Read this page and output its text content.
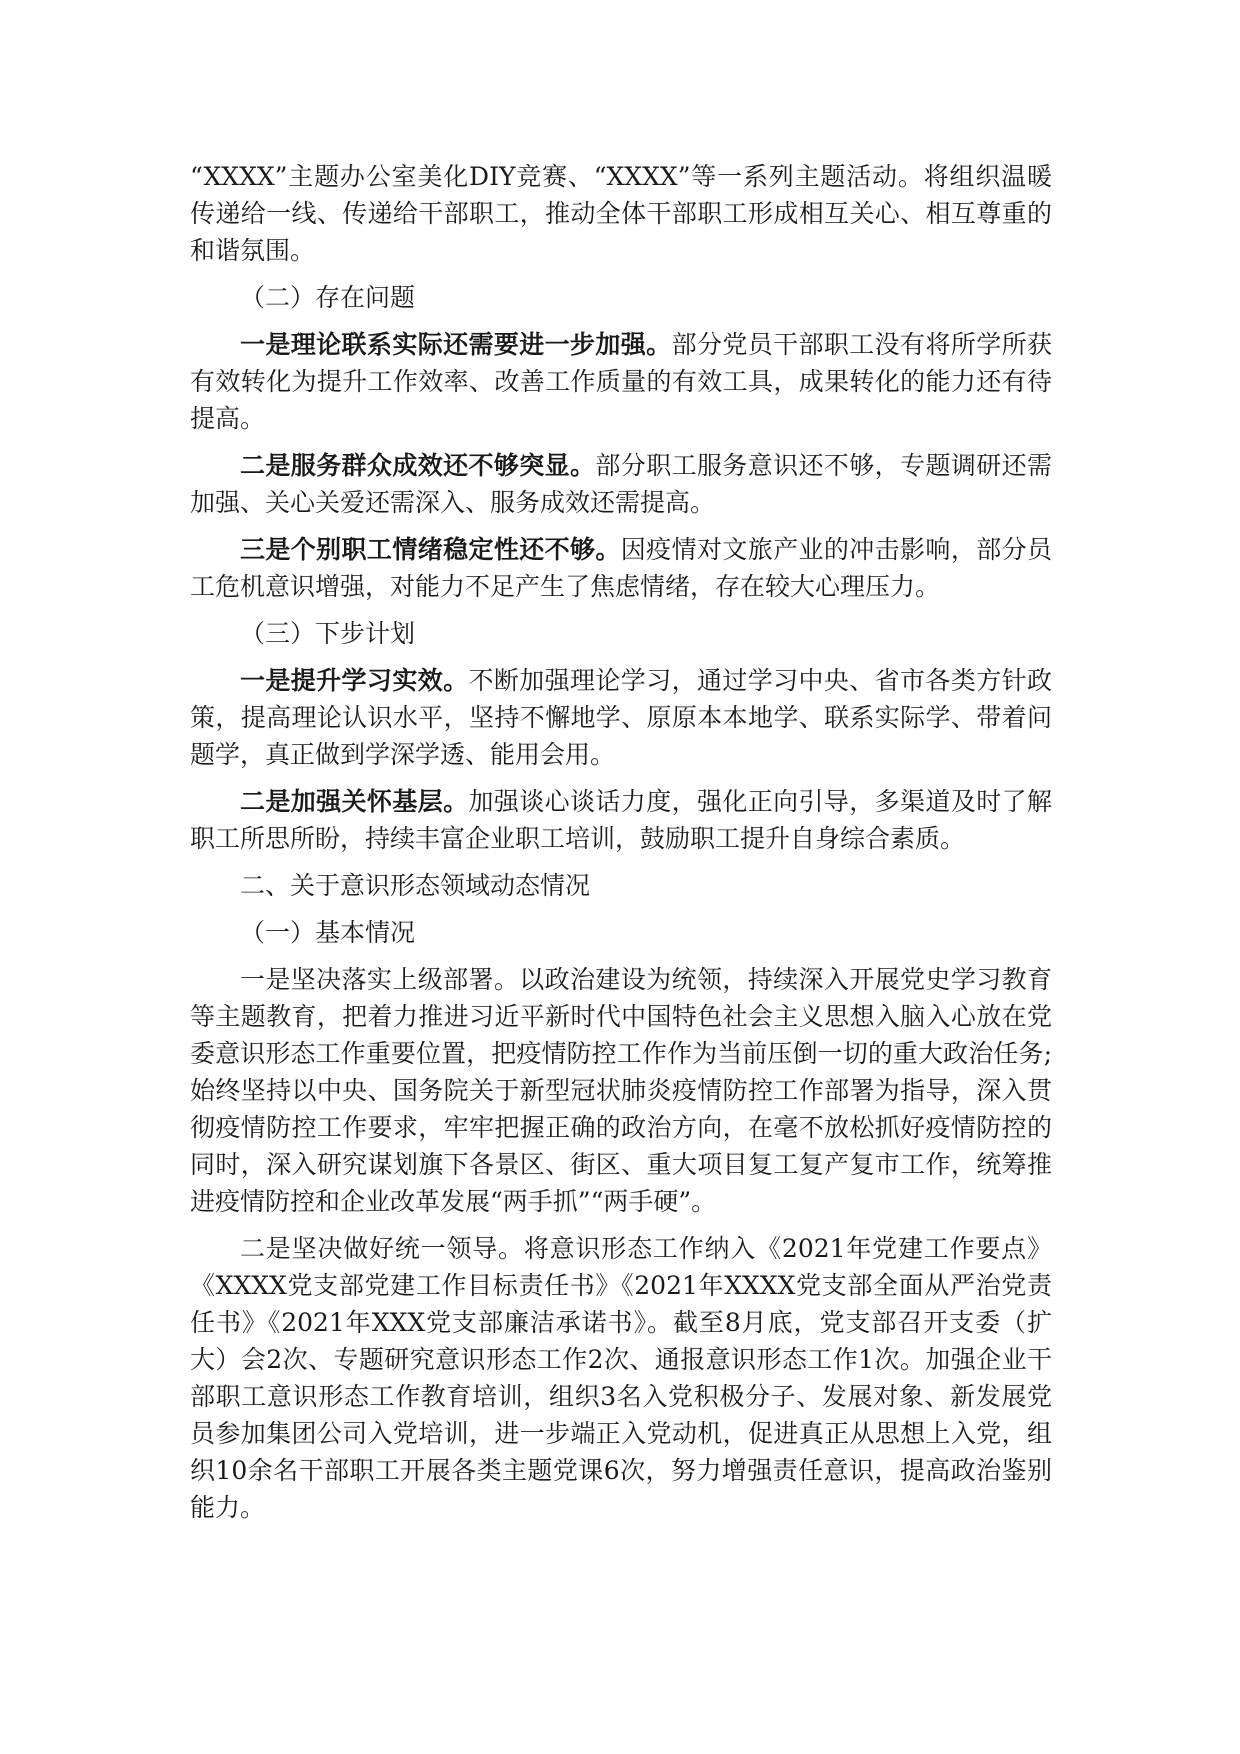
“XXXX”主题办公室美化DIY竞赛、“XXXX”等一系列主题活动。将组织温暖传递给一线、传递给干部职工，推动全体干部职工形成相互关心、相互尊重的和谐氛围。

（二）存在问题

一是理论联系实际还需要进一步加强。部分党员干部职工没有将所学所获有效转化为提升工作效率、改善工作质量的有效工具，成果转化的能力还有待提高。

二是服务群众成效还不够突显。部分职工服务意识还不够，专题调研还需加强、关心关爱还需深入、服务成效还需提高。

三是个别职工情绪稳定性还不够。因疫情对文旅产业的冲击影响，部分员工危机意识增强，对能力不足产生了焦虑情绪，存在较大心理压力。

（三）下步计划

一是提升学习实效。不断加强理论学习，通过学习中央、省市各类方针政策，提高理论认识水平，坚持不懈地学、原原本本地学、联系实际学、带着问题学，真正做到学深学透、能用会用。

二是加强关怀基层。加强谈心谈话力度，强化正向引导，多渠道及时了解职工所思所盼，持续丰富企业职工培训，鼓励职工提升自身综合素质。

二、关于意识形态领域动态情况

（一）基本情况

一是坚决落实上级部署。以政治建设为统领，持续深入开展党史学习教育等主题教育，把着力推进习近平新时代中国特色社会主义思想入脑入心放在党委意识形态工作重要位置，把疫情防控工作作为当前压倒一切的重大政治任务;始终坚持以中央、国务院关于新型冠状肺炎疫情防控工作部署为指导，深入贯彻疫情防控工作要求，牢牢把握正确的政治方向，在毫不放松抓好疫情防控的同时，深入研究谋划旗下各景区、街区、重大项目复工复产复市工作，统筹推进疫情防控和企业改革发展“两手抓”“两手硬”。

二是坚决做好统一领导。将意识形态工作纳入《2021年党建工作要点》《XXXX党支部党建工作目标责任书》《2021年XXXX党支部全面从严治党责任书》《2021年XXX党支部廉洁承诺书》。截至8月底，党支部召开支委（扩大）会2次、专题研究意识形态工作2次、通报意识形态工作1次。加强企业干部职工意识形态工作教育培训，组织3名入党积极分子、发展对象、新发展党员参加集团公司入党培训，进一步端正入党动机，促进真正从思想上入党，组织10余名干部职工开展各类主题党课6次，努力增强责任意识，提高政治鉴别能力。
